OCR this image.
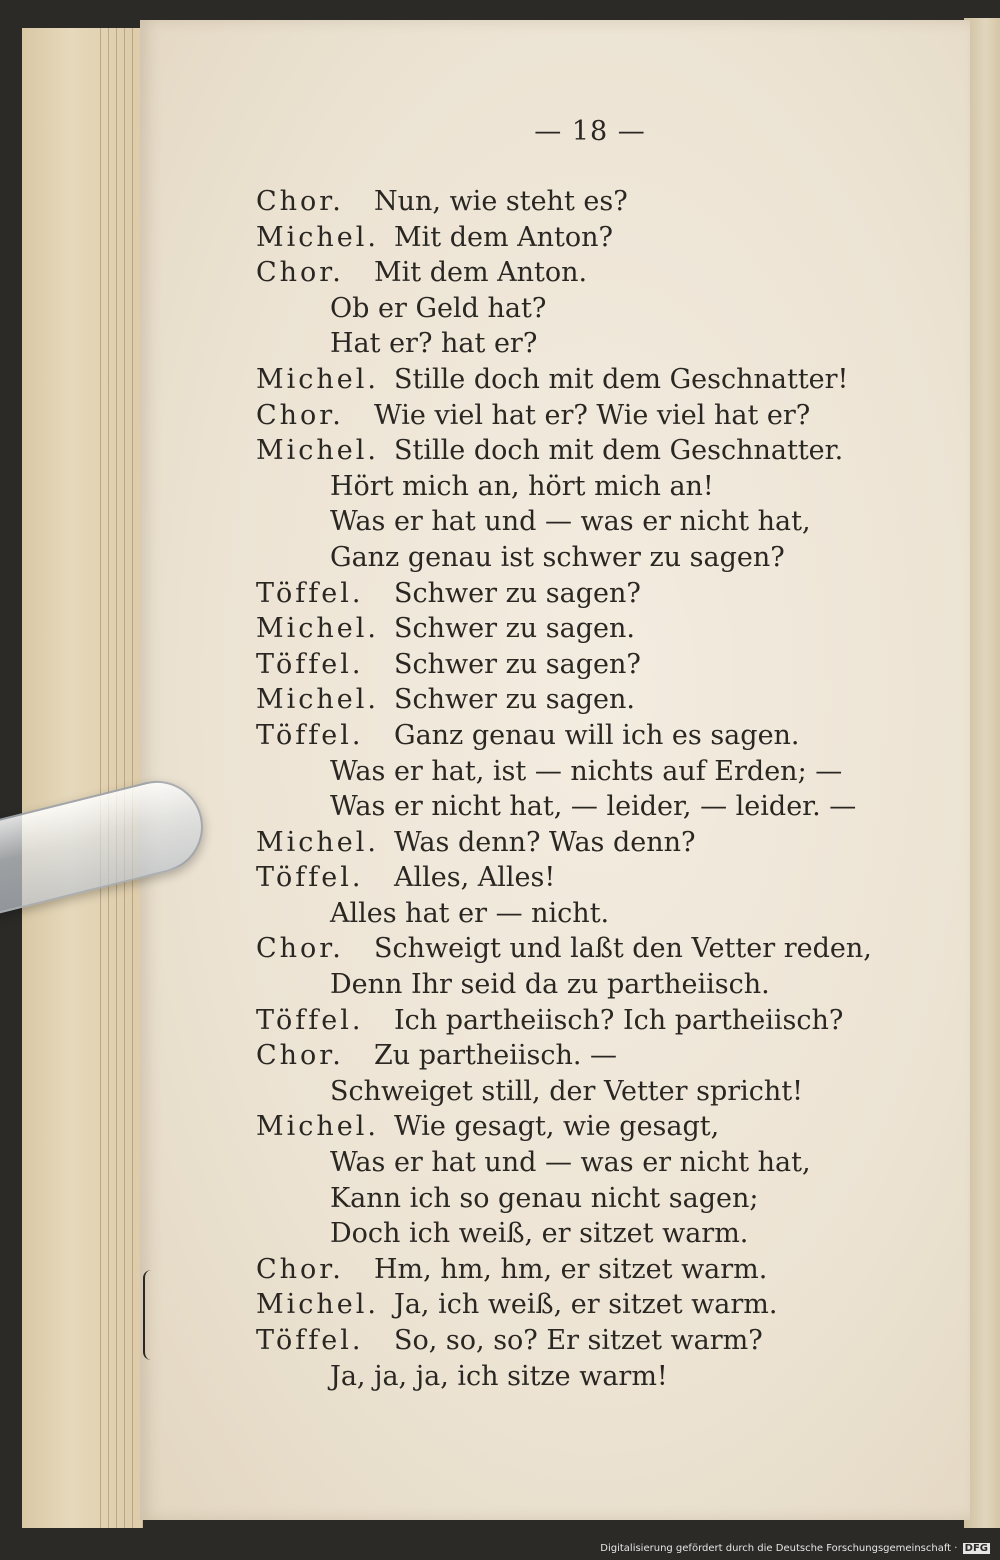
— 18 —
Chor. Nun, wie steht es?
Michel. Mit dem Anton?
Chor. Mit dem Anton.
Ob er Geld hat?
Hat er? hat er?
Michel. Stille doch mit dem Geschnatter!
Chor. Wie viel hat er? Wie viel hat er?
Michel. Stille doch mit dem Geschnatter.
Hört mich an, hört mich an!
Was er hat und — was er nicht hat,
Ganz genau ist schwer zu sagen?
Töffel. Schwer zu sagen?
Michel. Schwer zu sagen.
Töffel. Schwer zu sagen?
Michel. Schwer zu sagen.
Töffel. Ganz genau will ich es sagen.
Was er hat, ist — nichts auf Erden; —
Was er nicht hat, — leider, — leider. —
Michel. Was denn? Was denn?
Töffel. Alles, Alles!
Alles hat er — nicht.
Chor. Schweigt und laßt den Vetter reden,
Denn Ihr seid da zu partheiisch.
Töffel. Ich partheiisch? Ich partheiisch?
Chor. Zu partheiisch. —
Schweiget still, der Vetter spricht!
Michel. Wie gesagt, wie gesagt,
Was er hat und — was er nicht hat,
Kann ich so genau nicht sagen;
Doch ich weiß, er sitzet warm.
Chor. Hm, hm, hm, er sitzet warm.
Michel. Ja, ich weiß, er sitzet warm.
Töffel. So, so, so? Er sitzet warm?
Ja, ja, ja, ich sitze warm!
Digitalisierung gefördert durch die Deutsche Forschungsgemeinschaft · DFG
